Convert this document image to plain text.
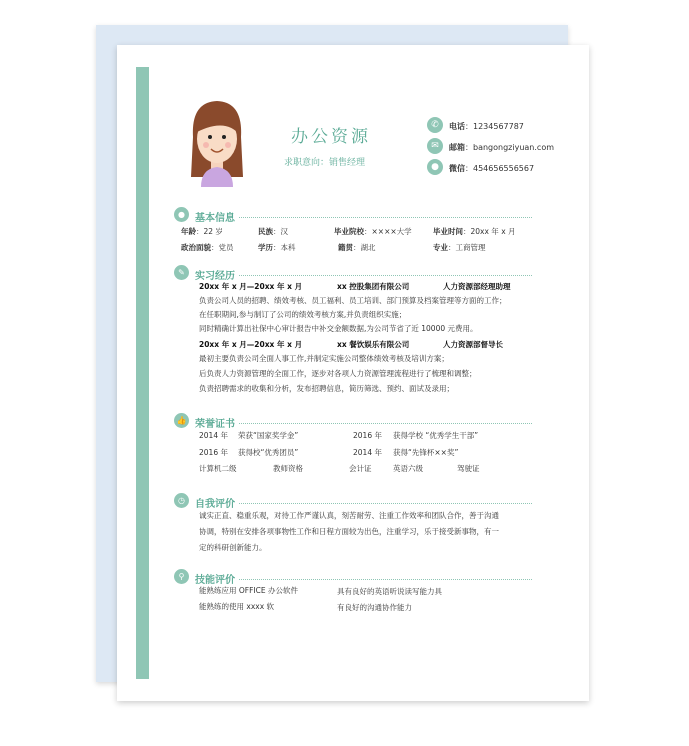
办公资源
求职意向：销售经理
✆	电话：1234567787
✉	邮箱：bangongziyuan.com
●	微信：454656556567
●	基本信息
年龄：22 岁	民族：汉	毕业院校：××××大学	毕业时间：20xx 年 x 月
政治面貌：党员	学历：本科	籍贯：湖北	专业：工商管理
✎	实习经历
20xx 年 x 月—20xx 年 x 月	xx 控股集团有限公司	人力资源部经理助理
负责公司人员的招聘、绩效考核、员工福利、员工培训、部门预算及档案管理等方面的工作；
在任职期间,参与制订了公司的绩效考核方案,并负责组织实施；
同时精确计算出社保中心审计报告中补交金额数据,为公司节省了近 10000 元费用。
20xx 年 x 月—20xx 年 x 月	xx 餐饮娱乐有限公司	人力资源部督导长
最初主要负责公司全面人事工作,并制定实施公司整体绩效考核及培训方案；
后负责人力资源管理的全面工作，逐步对各项人力资源管理流程进行了梳理和调整；
负责招聘需求的收集和分析，发布招聘信息，简历筛选、预约、面试及录用；
👍 荣誉证书
2014 年 荣获“国家奖学金”	2016 年 获得学校 “优秀学生干部”
2016 年 获得校“优秀团员”	2014 年 获得“先锋杯××奖”
计算机二级	教师资格	会计证	英语六级	驾驶证
◷	自我评价
诚实正直、稳重乐观，对待工作严谨认真，刻苦耐劳、注重工作效率和团队合作，善于沟通
协调，特别在安排各项事物性工作和日程方面较为出色，注重学习，乐于接受新事物，有一
定的科研创新能力。
⚲	技能评价
能熟练应用 OFFICE 办公软件	具有良好的英语听说读写能力具
能熟练的使用 xxxx 软	有良好的沟通协作能力
